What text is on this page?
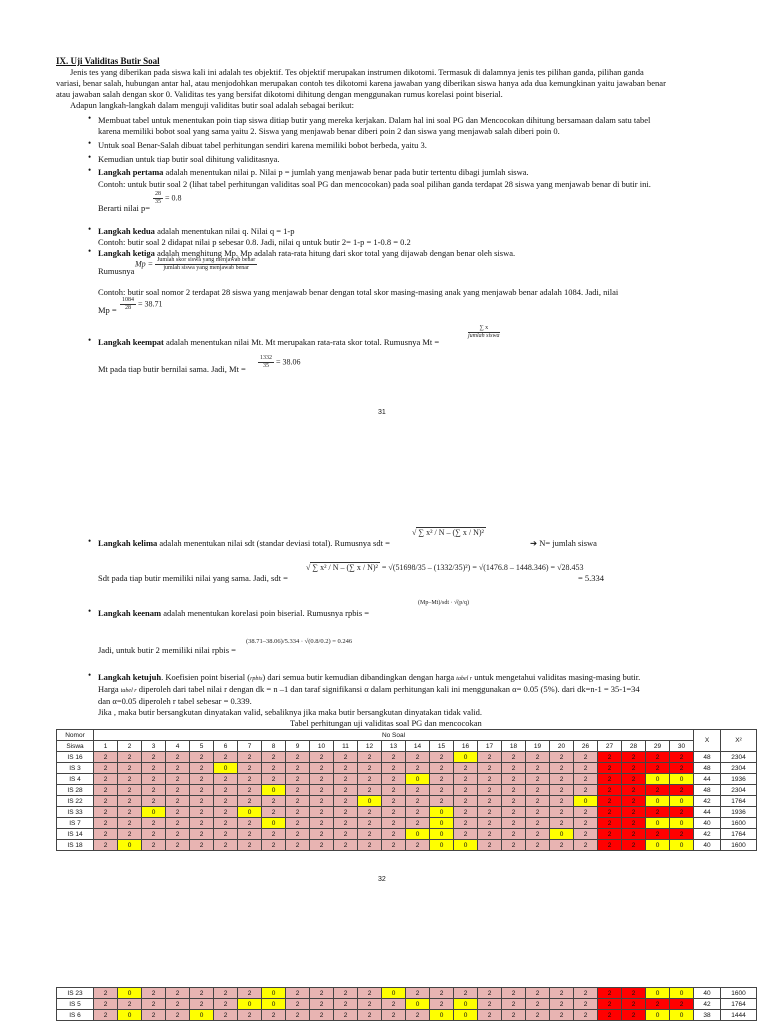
IX. Uji Validitas Butir Soal
Jenis tes yang diberikan pada siswa kali ini adalah tes objektif. Tes objektif merupakan instrumen dikotomi. Termasuk di dalamnya jenis tes pilihan ganda, pilihan ganda
variasi, benar salah, hubungan antar hal, atau menjodohkan merupakan contoh tes dikotomi karena jawaban yang diberikan siswa hanya ada dua kemungkinan yaitu jawaban benar
atau jawaban salah dengan skor 0. Validitas tes yang bersifat dikotomi dihitung dengan menggunakan rumus korelasi point biserial.
Adapun langkah-langkah dalam menguji validitas butir soal adalah sebagai berikut:
• Membuat tabel untuk menentukan poin tiap siswa ditiap butir yang mereka kerjakan. Dalam hal ini soal PG dan Mencocokan dihitung bersamaan dalam satu tabel
karena memiliki bobot soal yang sama yaitu 2. Siswa yang menjawab benar diberi poin 2 dan siswa yang menjawab salah diberi poin 0.
• Untuk soal Benar-Salah dibuat tabel perhitungan sendiri karena memiliki bobot berbeda, yaitu 3.
• Kemudian untuk tiap butir soal dihitung validitasnya.
• Langkah pertama adalah menentukan nilai p. Nilai p = jumlah yang menjawab benar pada butir tertentu dibagi jumlah siswa.
Contoh: untuk butir soal 2 (lihat tabel perhitungan validitas soal PG dan mencocokan) pada soal pilihan ganda terdapat 28 siswa yang menjawab benar di butir ini.
Berarti nilai p=
$\frac{28}{35} = 0.8$
• Langkah kedua adalah menentukan nilai q. Nilai q = 1-p
Contoh: butir soal 2 didapat nilai p sebesar 0.8. Jadi, nilai q untuk butir 2= 1-p = 1-0.8 = 0.2
• Langkah ketiga adalah menghitung Mp. Mp adalah rata-rata hitung dari skor total yang dijawab dengan benar oleh siswa.
Rumusnya
$Mp = \frac{\text{Jumlah skor siswa yang menjawab benar}}{\text{jumlah siswa yang menjawab benar}}$
Contoh: butir soal nomor 2 terdapat 28 siswa yang menjawab benar dengan total skor masing-masing anak yang menjawab benar adalah 1084. Jadi, nilai
$Mp = \frac{1084}{28} = 38.71$
• Langkah keempat adalah menentukan nilai Mt. Mt merupakan rata-rata skor total. Rumusnya Mt =
$\frac{\sum x}{\text{jumlah siswa}}$
Mt pada tiap butir bernilai sama. Jadi, $Mt = \frac{1332}{35} = 38.06$
31
• Langkah kelima adalah menentukan nilai sdt (standar deviasi total). Rumusnya sdt =
√ ∑ x² / N – (∑ x / N)²
➔ N= jumlah siswa
Sdt pada tiap butir memiliki nilai yang sama. Jadi, sdt =
√ ∑ x² / N – (∑ x / N)² = √(51698/35 – (1332/35)²) = √(1476.8 – 1448.346) = √28.453
= 5.334
• Langkah keenam adalah menentukan korelasi poin biserial. Rumusnya rpbis =
(Mp–Mt)/sdt · √(p/q)
Jadi, untuk butir 2 memiliki nilai rpbis =
(38.71–38.06)/5.334 · √(0.8/0.2) = 0.246
• Langkah ketujuh. Koefisien point biserial (rpbis) dari semua butir kemudian dibandingkan dengan harga tabel r untuk mengetahui validitas masing-masing butir.
Harga tabel r diperoleh dari tabel nilai r dengan dk = n –1 dan taraf signifikansi α dalam perhitungan kali ini menggunakan α= 0.05 (5%). dari dk=n-1 = 35-1=34
dan α=0.05 diperoleh r tabel sebesar = 0.339.
Jika , maka butir bersangkutan dinyatakan valid, sebaliknya jika maka butir bersangkutan dinyatakan tidak valid.
Tabel perhitungan uji validitas soal PG dan mencocokan
Nomor	No Soal																									X	X²
Siswa	1	2	3	4	5	6	7	8	9	10	11	12	13	14	15	16	17	18	19	20	26	27	28	29	30		
IS 16	2	2	2	2	2	2	2	2	2	2	2	2	2	2	2	0	2	2	2	2	2	2	2	2	2	48	2304
IS 3	2	2	2	2	2	0	2	2	2	2	2	2	2	2	2	2	2	2	2	2	2	2	2	2	2	48	2304
IS 4	2	2	2	2	2	2	2	2	2	2	2	2	2	0	2	2	2	2	2	2	2	2	2	0	0	44	1936
IS 28	2	2	2	2	2	2	2	0	2	2	2	2	2	2	2	2	2	2	2	2	2	2	2	2	2	48	2304
IS 22	2	2	2	2	2	2	2	2	2	2	2	0	2	2	2	2	2	2	2	2	0	2	2	0	0	42	1764
IS 33	2	2	0	2	2	2	0	2	2	2	2	2	2	2	0	2	2	2	2	2	2	2	2	2	2	44	1936
IS 7	2	2	2	2	2	2	2	0	2	2	2	2	2	2	0	2	2	2	2	2	2	2	2	0	0	40	1600
IS 14	2	2	2	2	2	2	2	2	2	2	2	2	2	0	0	2	2	2	2	0	2	2	2	2	2	42	1764
IS 18	2	0	2	2	2	2	2	2	2	2	2	2	2	2	0	0	2	2	2	2	2	2	2	0	0	40	1600
32
IS 23	2	0	2	2	2	2	2	0	2	2	2	2	0	2	2	2	2	2	2	2	2	2	2	0	0	40	1600
IS 5	2	2	2	2	2	2	0	0	2	2	2	2	2	0	2	0	2	2	2	2	2	2	2	2	2	42	1764
IS 6	2	0	2	2	0	2	2	2	2	2	2	2	2	2	0	0	2	2	2	2	2	2	2	0	0	38	1444
